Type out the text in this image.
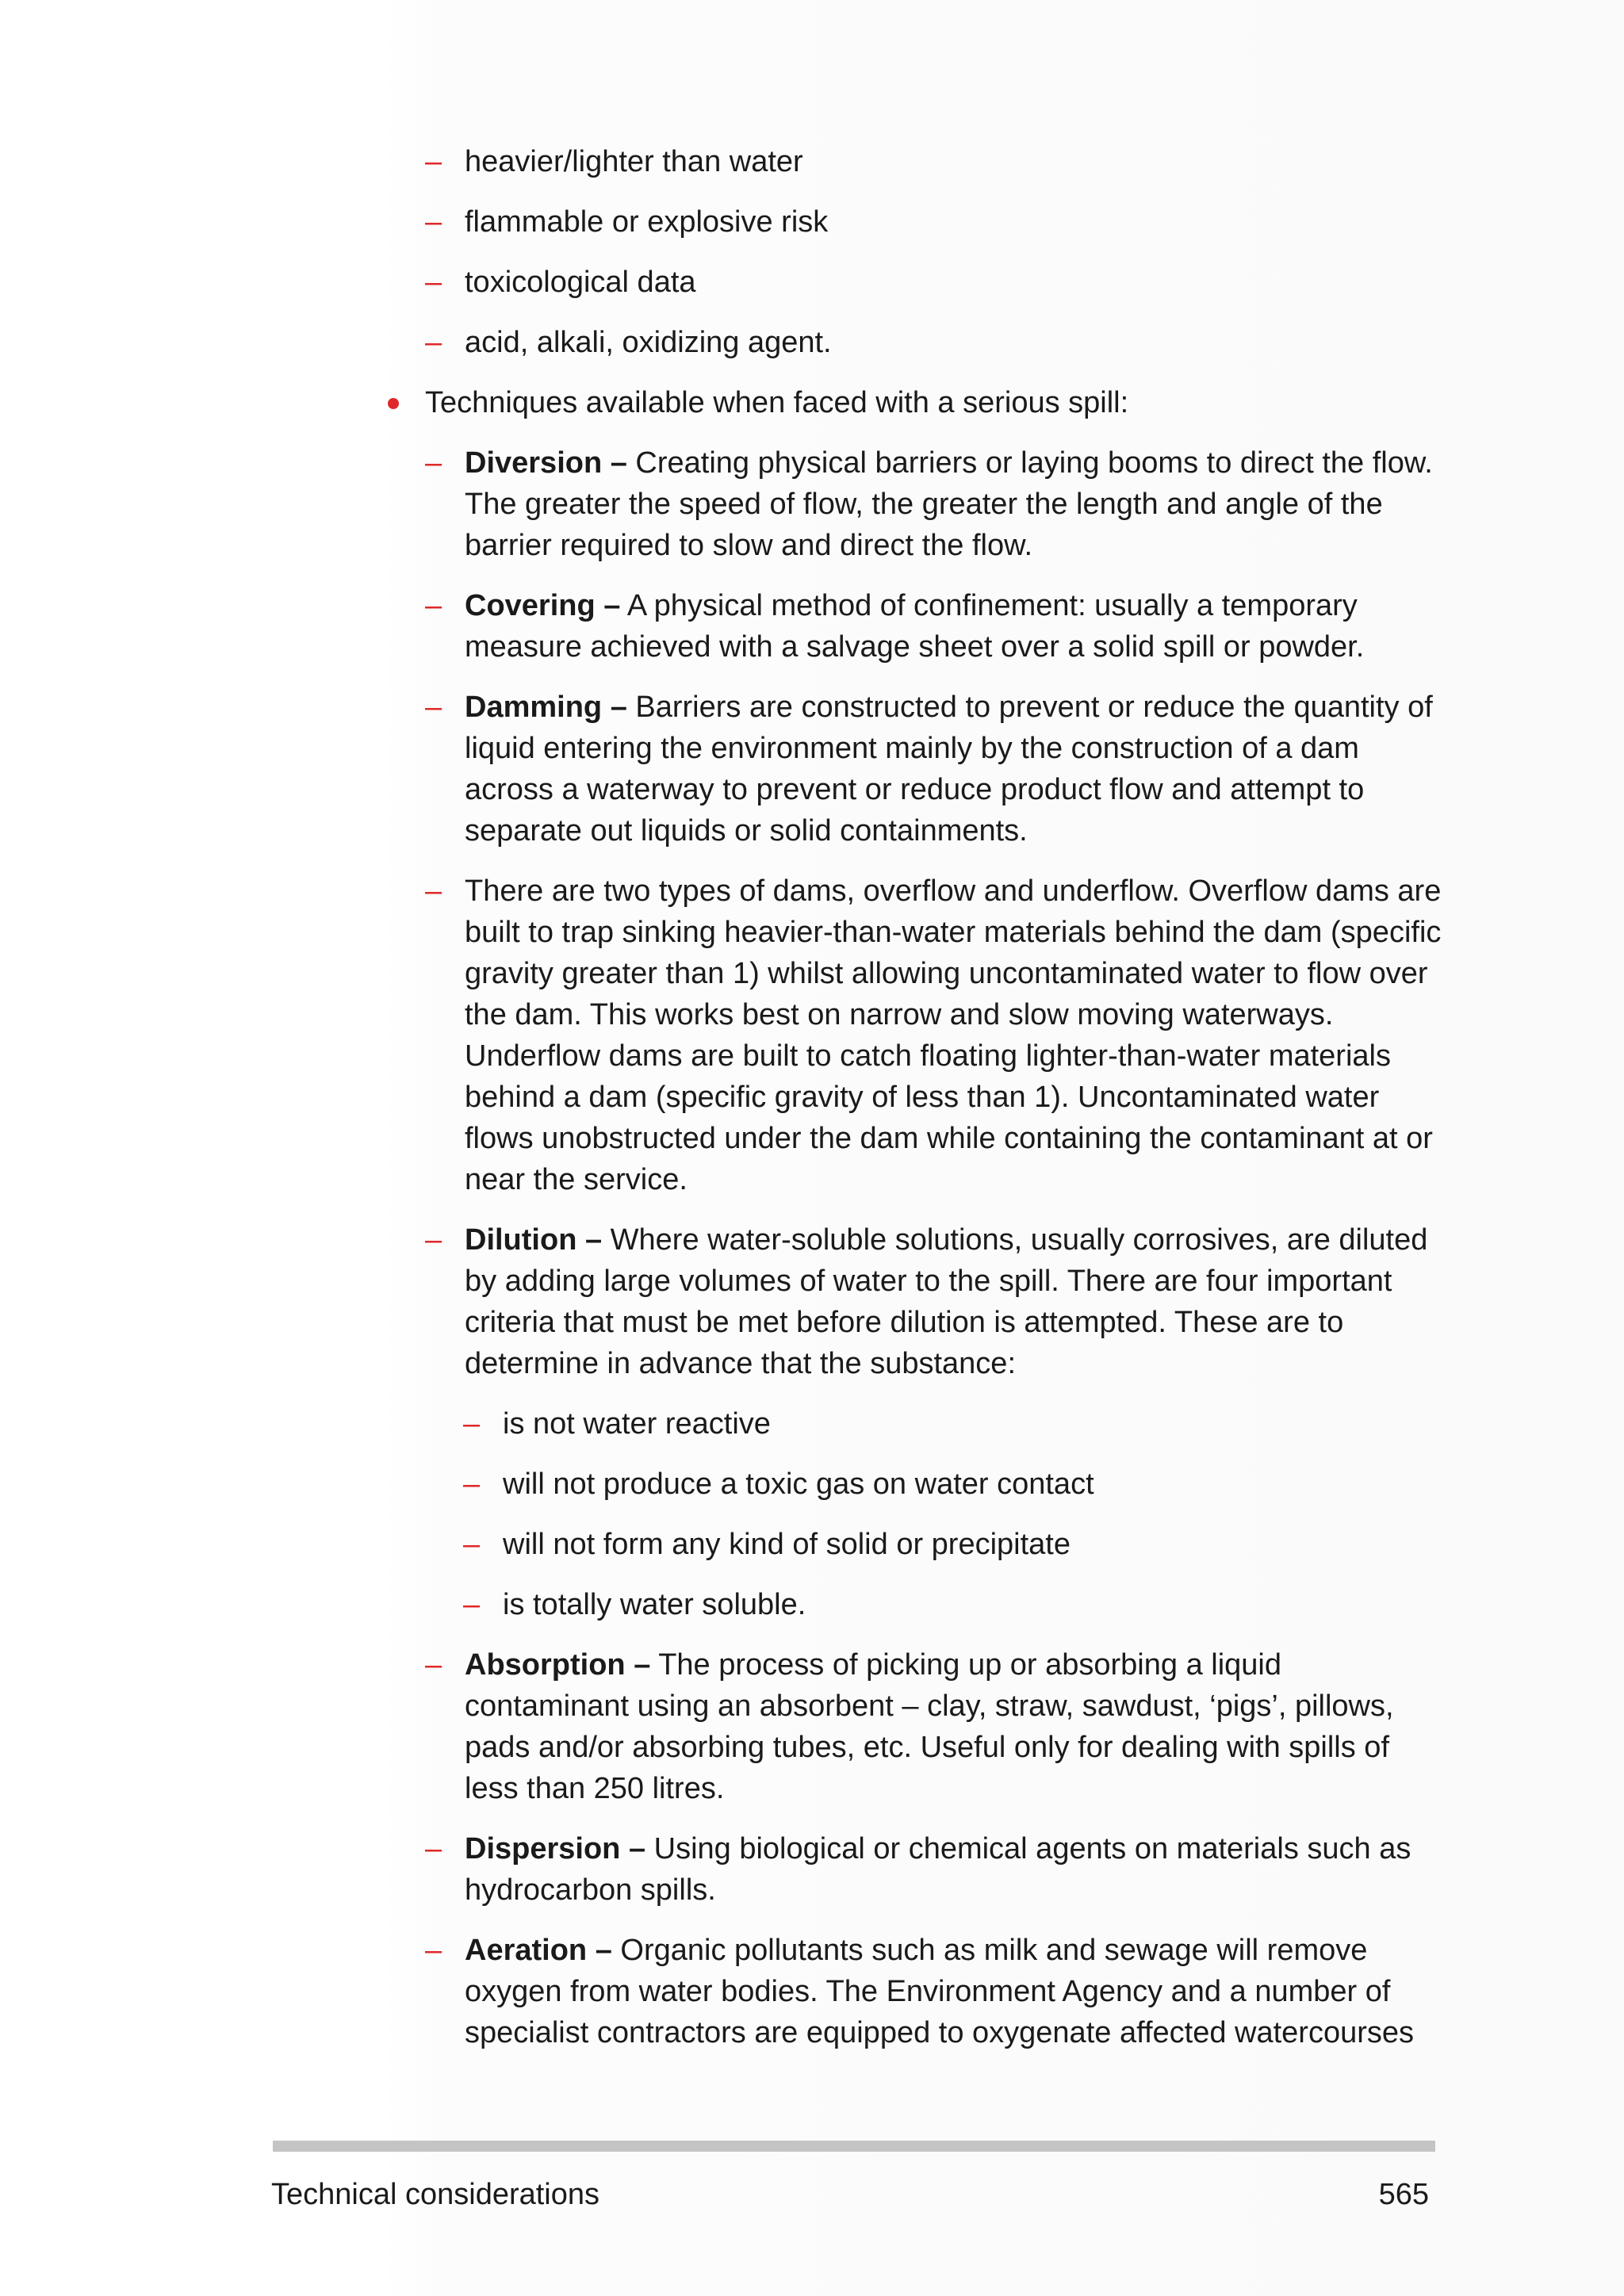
– heavier/lighter than water
– flammable or explosive risk
– toxicological data
– acid, alkali, oxidizing agent.
Techniques available when faced with a serious spill:
– Diversion – Creating physical barriers or laying booms to direct the flow. The greater the speed of flow, the greater the length and angle of the barrier required to slow and direct the flow.
– Covering – A physical method of confinement: usually a temporary measure achieved with a salvage sheet over a solid spill or powder.
– Damming – Barriers are constructed to prevent or reduce the quantity of liquid entering the environment mainly by the construction of a dam across a waterway to prevent or reduce product flow and attempt to separate out liquids or solid containments.
– There are two types of dams, overflow and underflow. Overflow dams are built to trap sinking heavier-than-water materials behind the dam (specific gravity greater than 1) whilst allowing uncontaminated water to flow over the dam. This works best on narrow and slow moving waterways. Underflow dams are built to catch floating lighter-than-water materials behind a dam (specific gravity of less than 1). Uncontaminated water flows unobstructed under the dam while containing the contaminant at or near the service.
– Dilution – Where water-soluble solutions, usually corrosives, are diluted by adding large volumes of water to the spill. There are four important criteria that must be met before dilution is attempted. These are to determine in advance that the substance:
– is not water reactive
– will not produce a toxic gas on water contact
– will not form any kind of solid or precipitate
– is totally water soluble.
– Absorption – The process of picking up or absorbing a liquid contaminant using an absorbent – clay, straw, sawdust, ‘pigs’, pillows, pads and/or absorbing tubes, etc. Useful only for dealing with spills of less than 250 litres.
– Dispersion – Using biological or chemical agents on materials such as hydrocarbon spills.
– Aeration – Organic pollutants such as milk and sewage will remove oxygen from water bodies. The Environment Agency and a number of specialist contractors are equipped to oxygenate affected watercourses
Technical considerations	565
